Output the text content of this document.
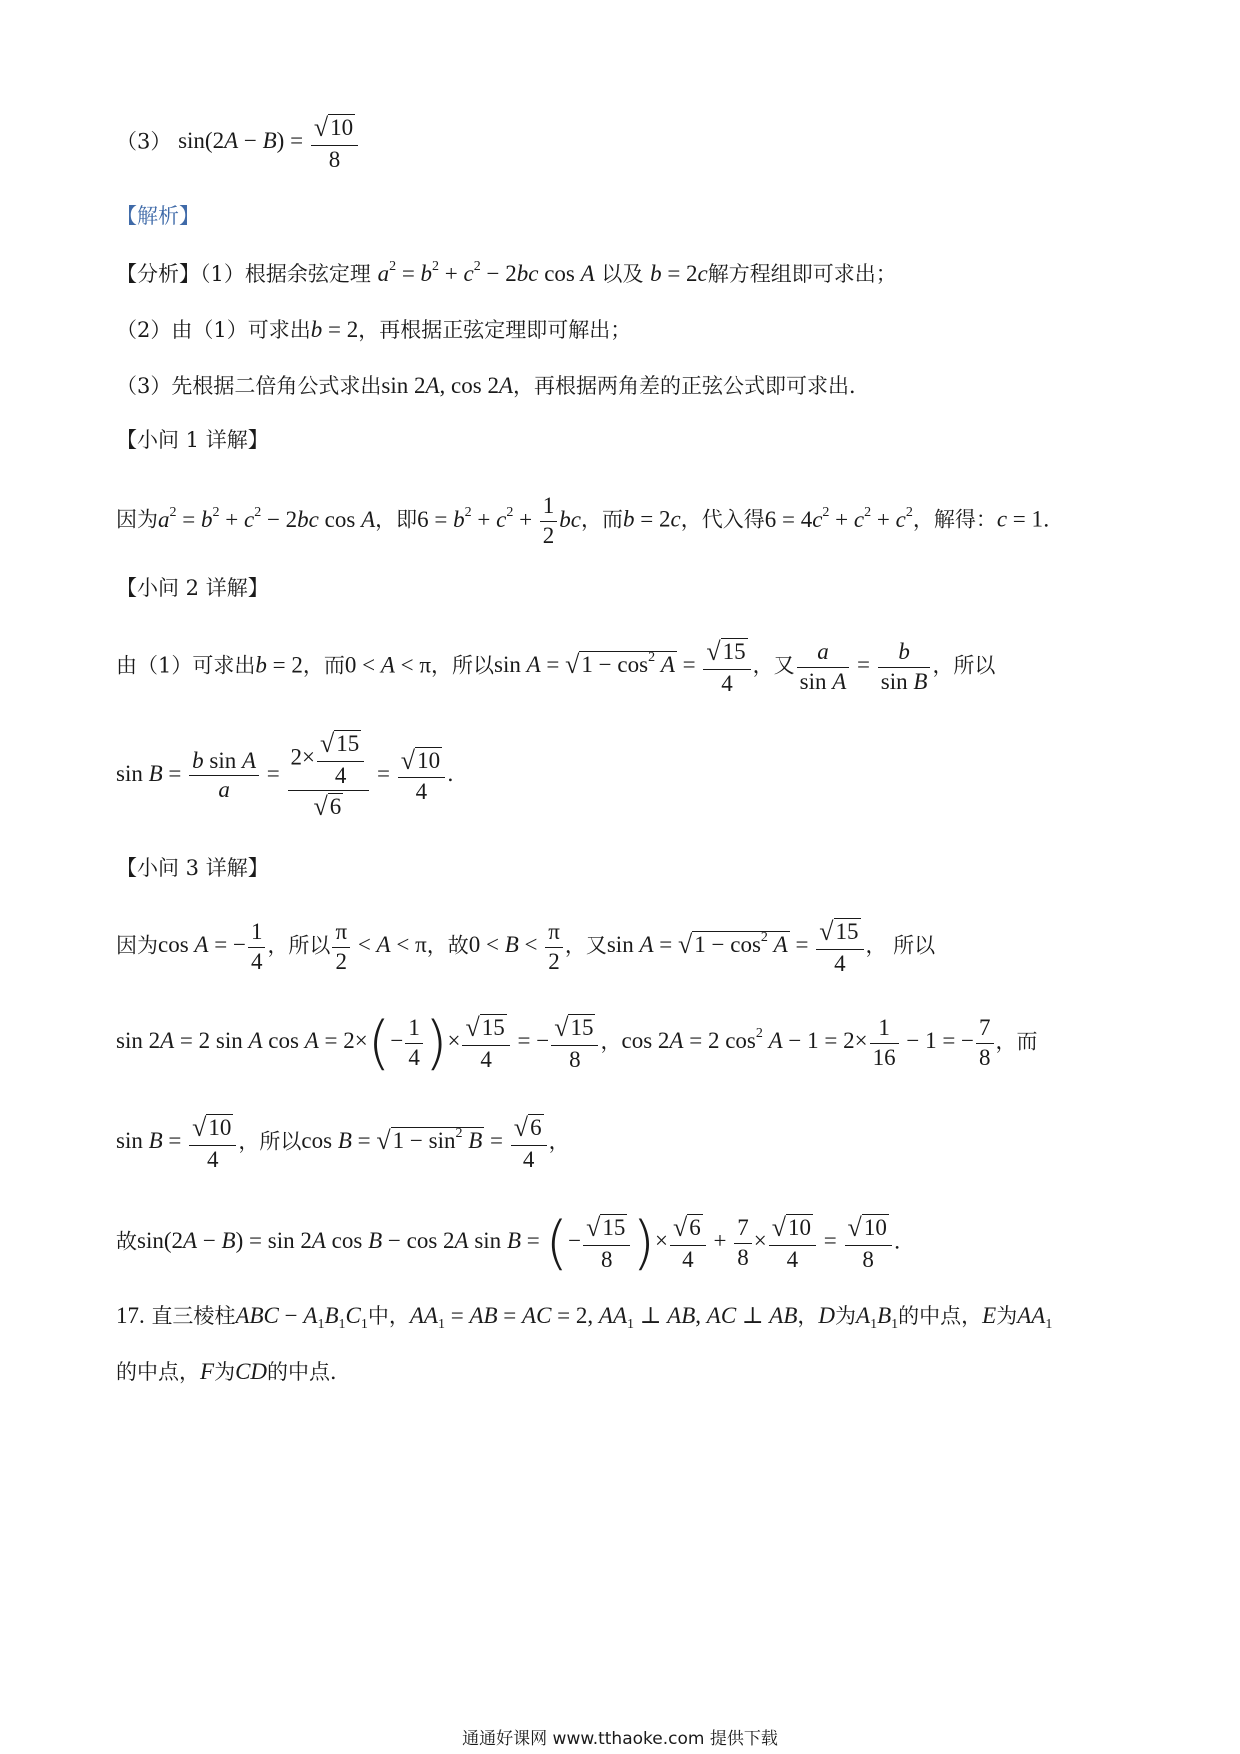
（3） $\sin(2A - B) = \frac{√10}{8}$
【解析】
【分析】（1）根据余弦定理 $a^2 = b^2 + c^2 - 2bc$ cos A 以及 b = 2c解方程组即可求出；
（2）由（1）可求出b = 2，再根据正弦定理即可解出；
（3）先根据二倍角公式求出sin 2A, cos 2A，再根据两角差的正弦公式即可求出．
【小问 1 详解】
因为$a^2 = b^2 + c^2 - 2bc$ cos A，即$6 = b^2 + c^2 + \frac{1}{2}$ bc，而b = 2c，代入得$6 = 4c^2 + c^2 + c^2$，解得：c = 1．
【小问 2 详解】
由（1）可求出b = 2，而0 < A < π，所以$\sin A = √1 - \cos^2 A = \frac{√15}{4}$ ，又 $\frac{a}{\text{sin A}} = \frac{b}{\text{sin B}}$ ，所以
$\sin B = \frac{\text{b sin A}}{a} = \frac{2\times \frac{√15}{4}}{√6} = \frac{√10}{4}$ ．
【小问 3 详解】
因为cos A = − $\frac{1}{4}$ ，所以 $\frac{\pi}{2} < A < \pi$，故$0 < B < \frac{\pi}{2}$ ，又$\sin A = √1 - \cos^2 A = \frac{√15}{4}$ ， 所以
sin 2A = 2 sin A $\cos A = 2\times(- \frac{1}{4}$ )× $\frac{√15}{4}$ = − $\frac{√15}{8}$ ，cos 2A = 2 $\cos^2 A - 1 = 2\times \frac{1}{16} - 1$ = − $\frac{7}{8}$ ，而
$\sin B = \frac{√10}{4}$ ，所以$\cos B = √1 - \sin^2 B = \frac{√6}{4}$ ，
故sin(2A − B) = sin 2A cos B − cos 2A sin B = (− $\frac{√15}{8}$ )× $\frac{√6}{4} + \frac{7}{8} \times \frac{√10}{4} = \frac{√10}{8}$ ．
17. 直三棱柱ABC − $A_1B_1C_1$中，$AA_1$ = AB = AC = 2, $AA_1$ ⊥ AB, AC ⊥ AB，D为$A_1B_1$的中点，E为$AA_1$
的中点，F为CD的中点．
通通好课网 www.tthaoke.com 提供下载
